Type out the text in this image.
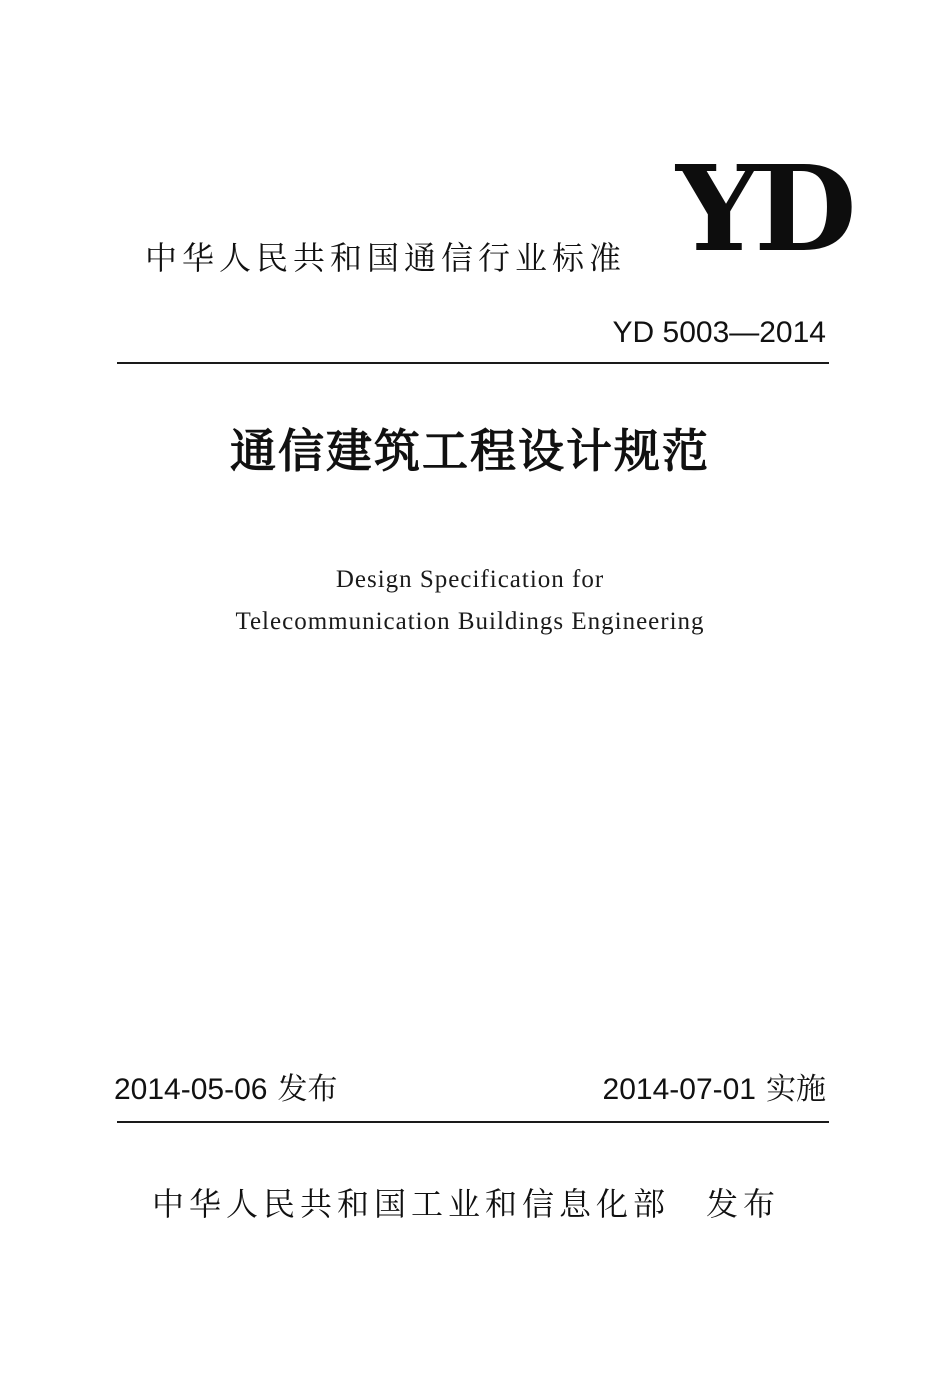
YD
中华人民共和国通信行业标准
YD 5003—2014
通信建筑工程设计规范
Design Specification for
Telecommunication Buildings Engineering
2014-05-06 发布	2014-07-01 实施
中华人民共和国工业和信息化部 发布
